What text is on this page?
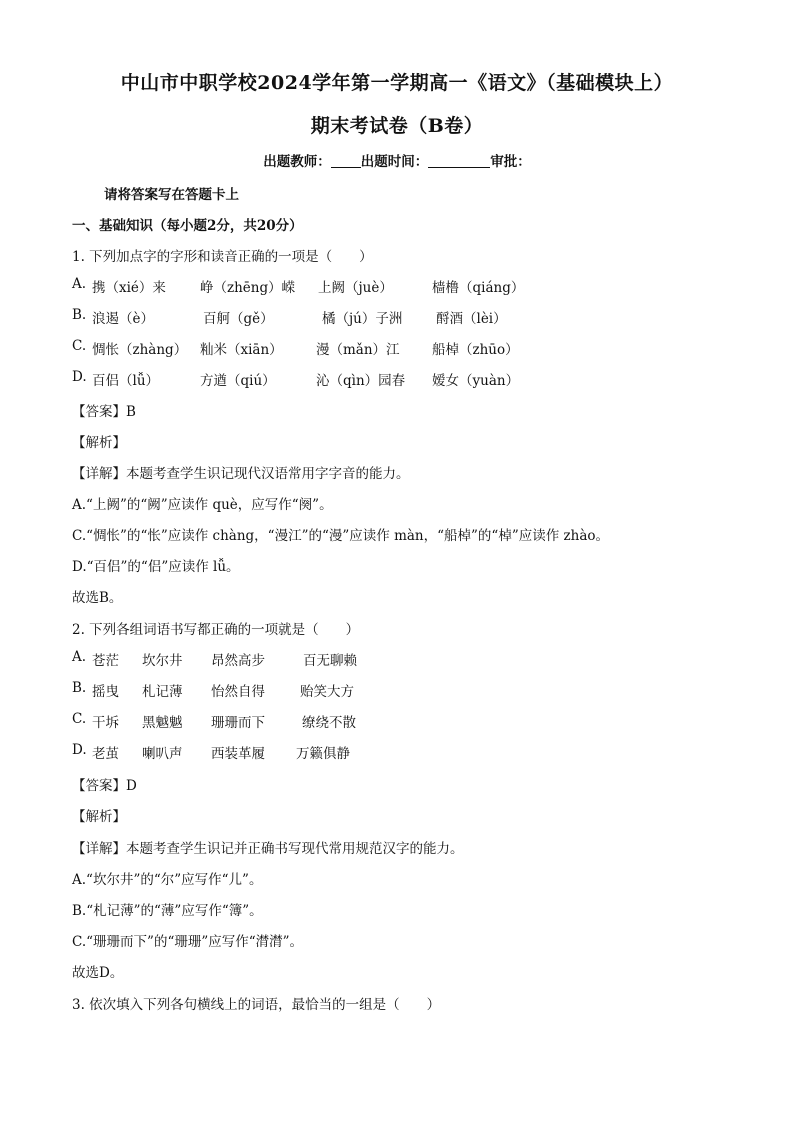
中山市中职学校2024学年第一学期高一《语文》（基础模块上）
期末考试卷（B卷）
出题教师： 出题时间：	审批：
请将答案写在答题卡上
一、基础知识（每小题2分，共20分）
1. 下列加点字的字形和读音正确的一项是（　　）
A. 携（xié）来	峥（zhēng）嵘 上阙（juè）	樯橹（qiáng）
B. 浪遏（è）	百舸（gě）	橘（jú）子洲 酹酒（lèi）
C. 惆怅（zhàng） 籼米（xiān） 漫（mǎn）江 船棹（zhūo）
D. 百侣（lǚ）	方遒（qiú）	沁（qìn）园春 嫒女（yuàn）
【答案】B
【解析】
【详解】本题考查学生识记现代汉语常用字字音的能力。
A.“上阙”的“阙”应读作 què，应写作“阕”。
C.“惆怅”的“怅”应读作 chàng，“漫江”的“漫”应读作 màn，“船棹”的“棹”应读作 zhào。
D.“百侣”的“侣”应读作 lǚ。
故选B。
2. 下列各组词语书写都正确的一项就是（　　）
A. 苍茫 坎尔井 昂然高步	百无聊赖
B. 摇曳 札记薄 怡然自得	贻笑大方
C. 干坼 黑魆魆 珊珊而下	缭绕不散
D. 老茧 喇叭声 西装革履 万籁俱静
【答案】D
【解析】
【详解】本题考查学生识记并正确书写现代常用规范汉字的能力。
A.“坎尔井”的“尔”应写作“儿”。
B.“札记薄”的“薄”应写作“簿”。
C.“珊珊而下”的“珊珊”应写作“潸潸”。
故选D。
3. 依次填入下列各句横线上的词语，最恰当的一组是（　　）
